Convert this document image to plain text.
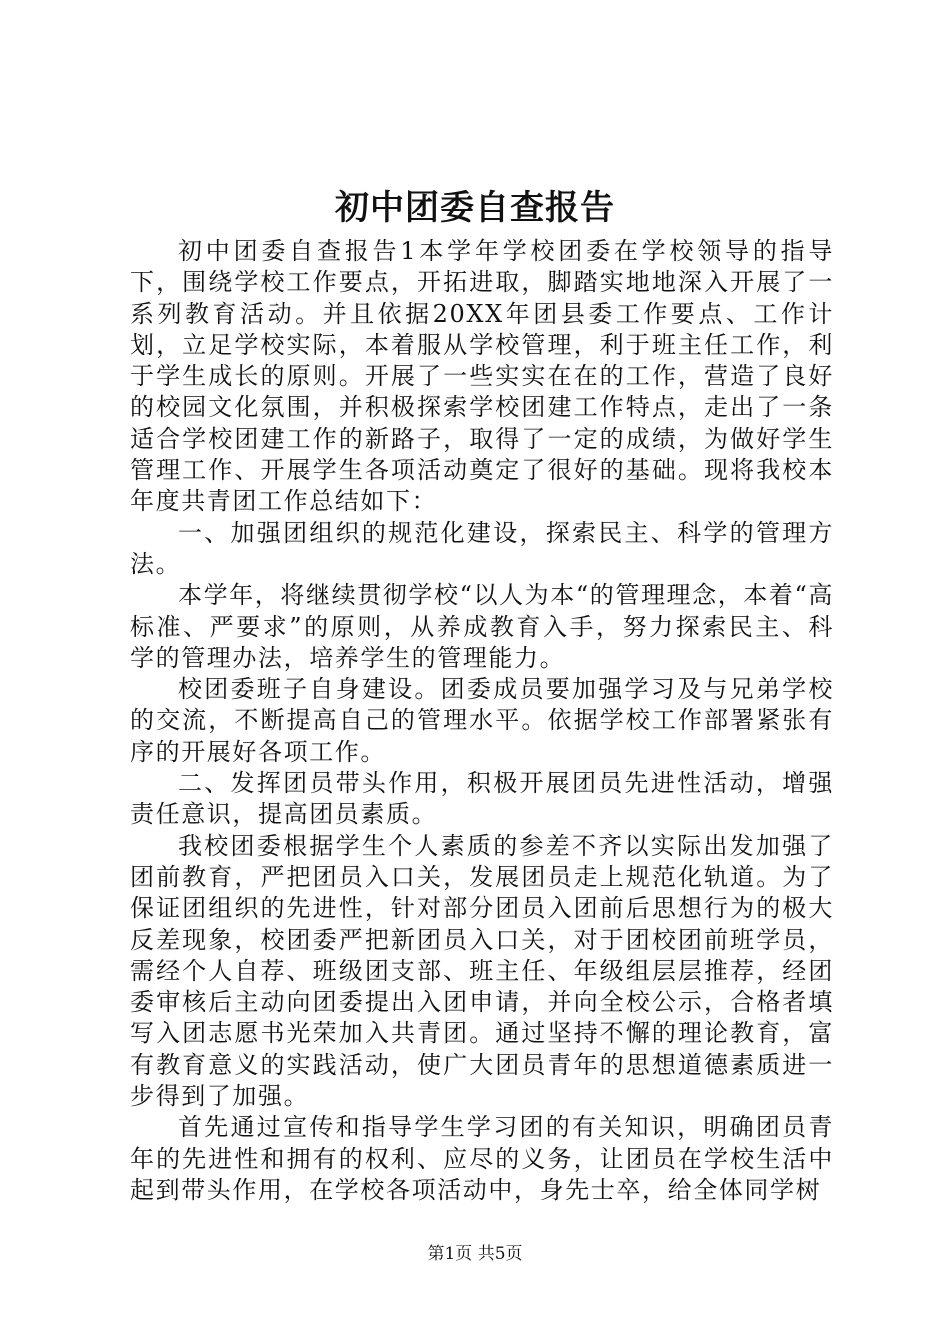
初中团委自查报告

初中团委自查报告1本学年学校团委在学校领导的指导下，围绕学校工作要点，开拓进取，脚踏实地地深入开展了一系列教育活动。并且依据20XX年团县委工作要点、工作计划，立足学校实际，本着服从学校管理，利于班主任工作，利于学生成长的原则。开展了一些实实在在的工作，营造了良好的校园文化氛围，并积极探索学校团建工作特点，走出了一条适合学校团建工作的新路子，取得了一定的成绩，为做好学生管理工作、开展学生各项活动奠定了很好的基础。现将我校本年度共青团工作总结如下：

一、加强团组织的规范化建设，探索民主、科学的管理方法。

本学年，将继续贯彻学校“以人为本“的管理理念，本着“高标准、严要求”的原则，从养成教育入手，努力探索民主、科学的管理办法，培养学生的管理能力。

校团委班子自身建设。团委成员要加强学习及与兄弟学校的交流，不断提高自己的管理水平。依据学校工作部署紧张有序的开展好各项工作。

二、发挥团员带头作用，积极开展团员先进性活动，增强责任意识，提高团员素质。

我校团委根据学生个人素质的参差不齐以实际出发加强了团前教育，严把团员入口关，发展团员走上规范化轨道。为了保证团组织的先进性，针对部分团员入团前后思想行为的极大反差现象，校团委严把新团员入口关，对于团校团前班学员，需经个人自荐、班级团支部、班主任、年级组层层推荐，经团委审核后主动向团委提出入团申请，并向全校公示，合格者填写入团志愿书光荣加入共青团。通过坚持不懈的理论教育，富有教育意义的实践活动，使广大团员青年的思想道德素质进一步得到了加强。

首先通过宣传和指导学生学习团的有关知识，明确团员青年的先进性和拥有的权利、应尽的义务，让团员在学校生活中起到带头作用，在学校各项活动中，身先士卒，给全体同学树

第1页 共5页
